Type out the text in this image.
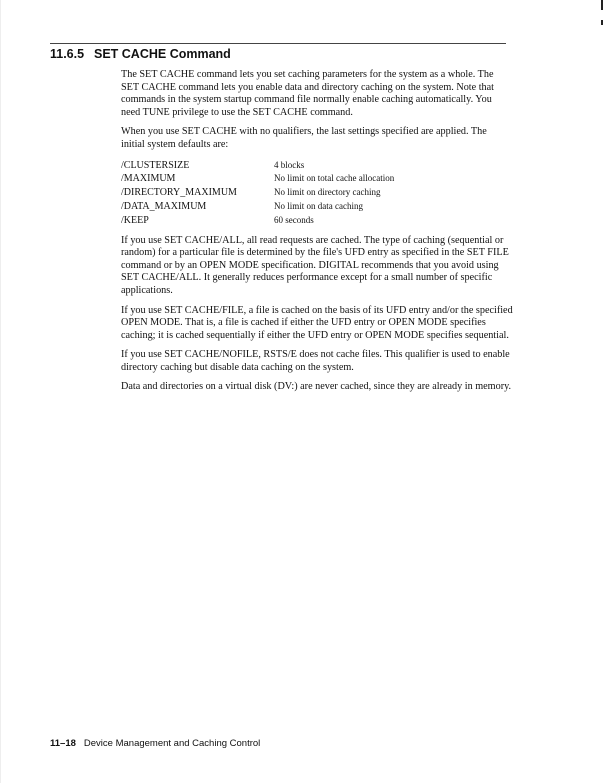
11.6.5 SET CACHE Command

The SET CACHE command lets you set caching parameters for the system as a whole. The SET CACHE command lets you enable data and directory caching on the system. Note that commands in the system startup command file normally enable caching automatically. You need TUNE privilege to use the SET CACHE command.

When you use SET CACHE with no qualifiers, the last settings specified are applied. The initial system defaults are:

/CLUSTERSIZE	4 blocks
/MAXIMUM	No limit on total cache allocation
/DIRECTORY_MAXIMUM	No limit on directory caching
/DATA_MAXIMUM	No limit on data caching
/KEEP	60 seconds

If you use SET CACHE/ALL, all read requests are cached. The type of caching (sequential or random) for a particular file is determined by the file's UFD entry as specified in the SET FILE command or by an OPEN MODE specification. DIGITAL recommends that you avoid using SET CACHE/ALL. It generally reduces performance except for a small number of specific applications.

If you use SET CACHE/FILE, a file is cached on the basis of its UFD entry and/or the specified OPEN MODE. That is, a file is cached if either the UFD entry or OPEN MODE specifies caching; it is cached sequentially if either the UFD entry or OPEN MODE specifies sequential.

If you use SET CACHE/NOFILE, RSTS/E does not cache files. This qualifier is used to enable directory caching but disable data caching on the system.

Data and directories on a virtual disk (DV:) are never cached, since they are already in memory.

11–18 Device Management and Caching Control
